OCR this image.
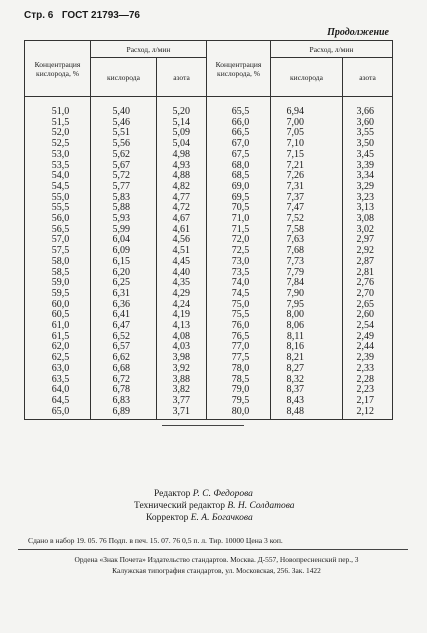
Стр. 6 ГОСТ 21793—76
Продолжение
Концентрация кислорода, %	Расход, л/мин		Концентрация кислорода, %	Расход, л/мин	
	кислорода	азота		кислорода	азота
51,0	5,40	5,20	65,5	6,94	3,66
51,5	5,46	5,14	66,0	7,00	3,60
52,0	5,51	5,09	66,5	7,05	3,55
52,5	5,56	5,04	67,0	7,10	3,50
53,0	5,62	4,98	67,5	7,15	3,45
53,5	5,67	4,93	68,0	7,21	3,39
54,0	5,72	4,88	68,5	7,26	3,34
54,5	5,77	4,82	69,0	7,31	3,29
55,0	5,83	4,77	69,5	7,37	3,23
55,5	5,88	4,72	70,5	7,47	3,13
56,0	5,93	4,67	71,0	7,52	3,08
56,5	5,99	4,61	71,5	7,58	3,02
57,0	6,04	4,56	72,0	7,63	2,97
57,5	6,09	4,51	72,5	7,68	2,92
58,0	6,15	4,45	73,0	7,73	2,87
58,5	6,20	4,40	73,5	7,79	2,81
59,0	6,25	4,35	74,0	7,84	2,76
59,5	6,31	4,29	74,5	7,90	2,70
60,0	6,36	4,24	75,0	7,95	2,65
60,5	6,41	4,19	75,5	8,00	2,60
61,0	6,47	4,13	76,0	8,06	2,54
61,5	6,52	4,08	76,5	8,11	2,49
62,0	6,57	4,03	77,0	8,16	2,44
62,5	6,62	3,98	77,5	8,21	2,39
63,0	6,68	3,92	78,0	8,27	2,33
63,5	6,72	3,88	78,5	8,32	2,28
64,0	6,78	3,82	79,0	8,37	2,23
64,5	6,83	3,77	79,5	8,43	2,17
65,0	6,89	3,71	80,0	8,48	2,12
Редактор Р. С. Федорова
Технический редактор В. Н. Солдатова
Корректор Е. А. Богачкова
Сдано в набор 19. 05. 76 Подп. в печ. 15. 07. 76 0,5 п. л. Тир. 10000 Цена 3 коп.
Ордена «Знак Почета» Издательство стандартов. Москва. Д-557, Новопресненский пер., 3
Калужская типография стандартов, ул. Московская, 256. Зак. 1422
